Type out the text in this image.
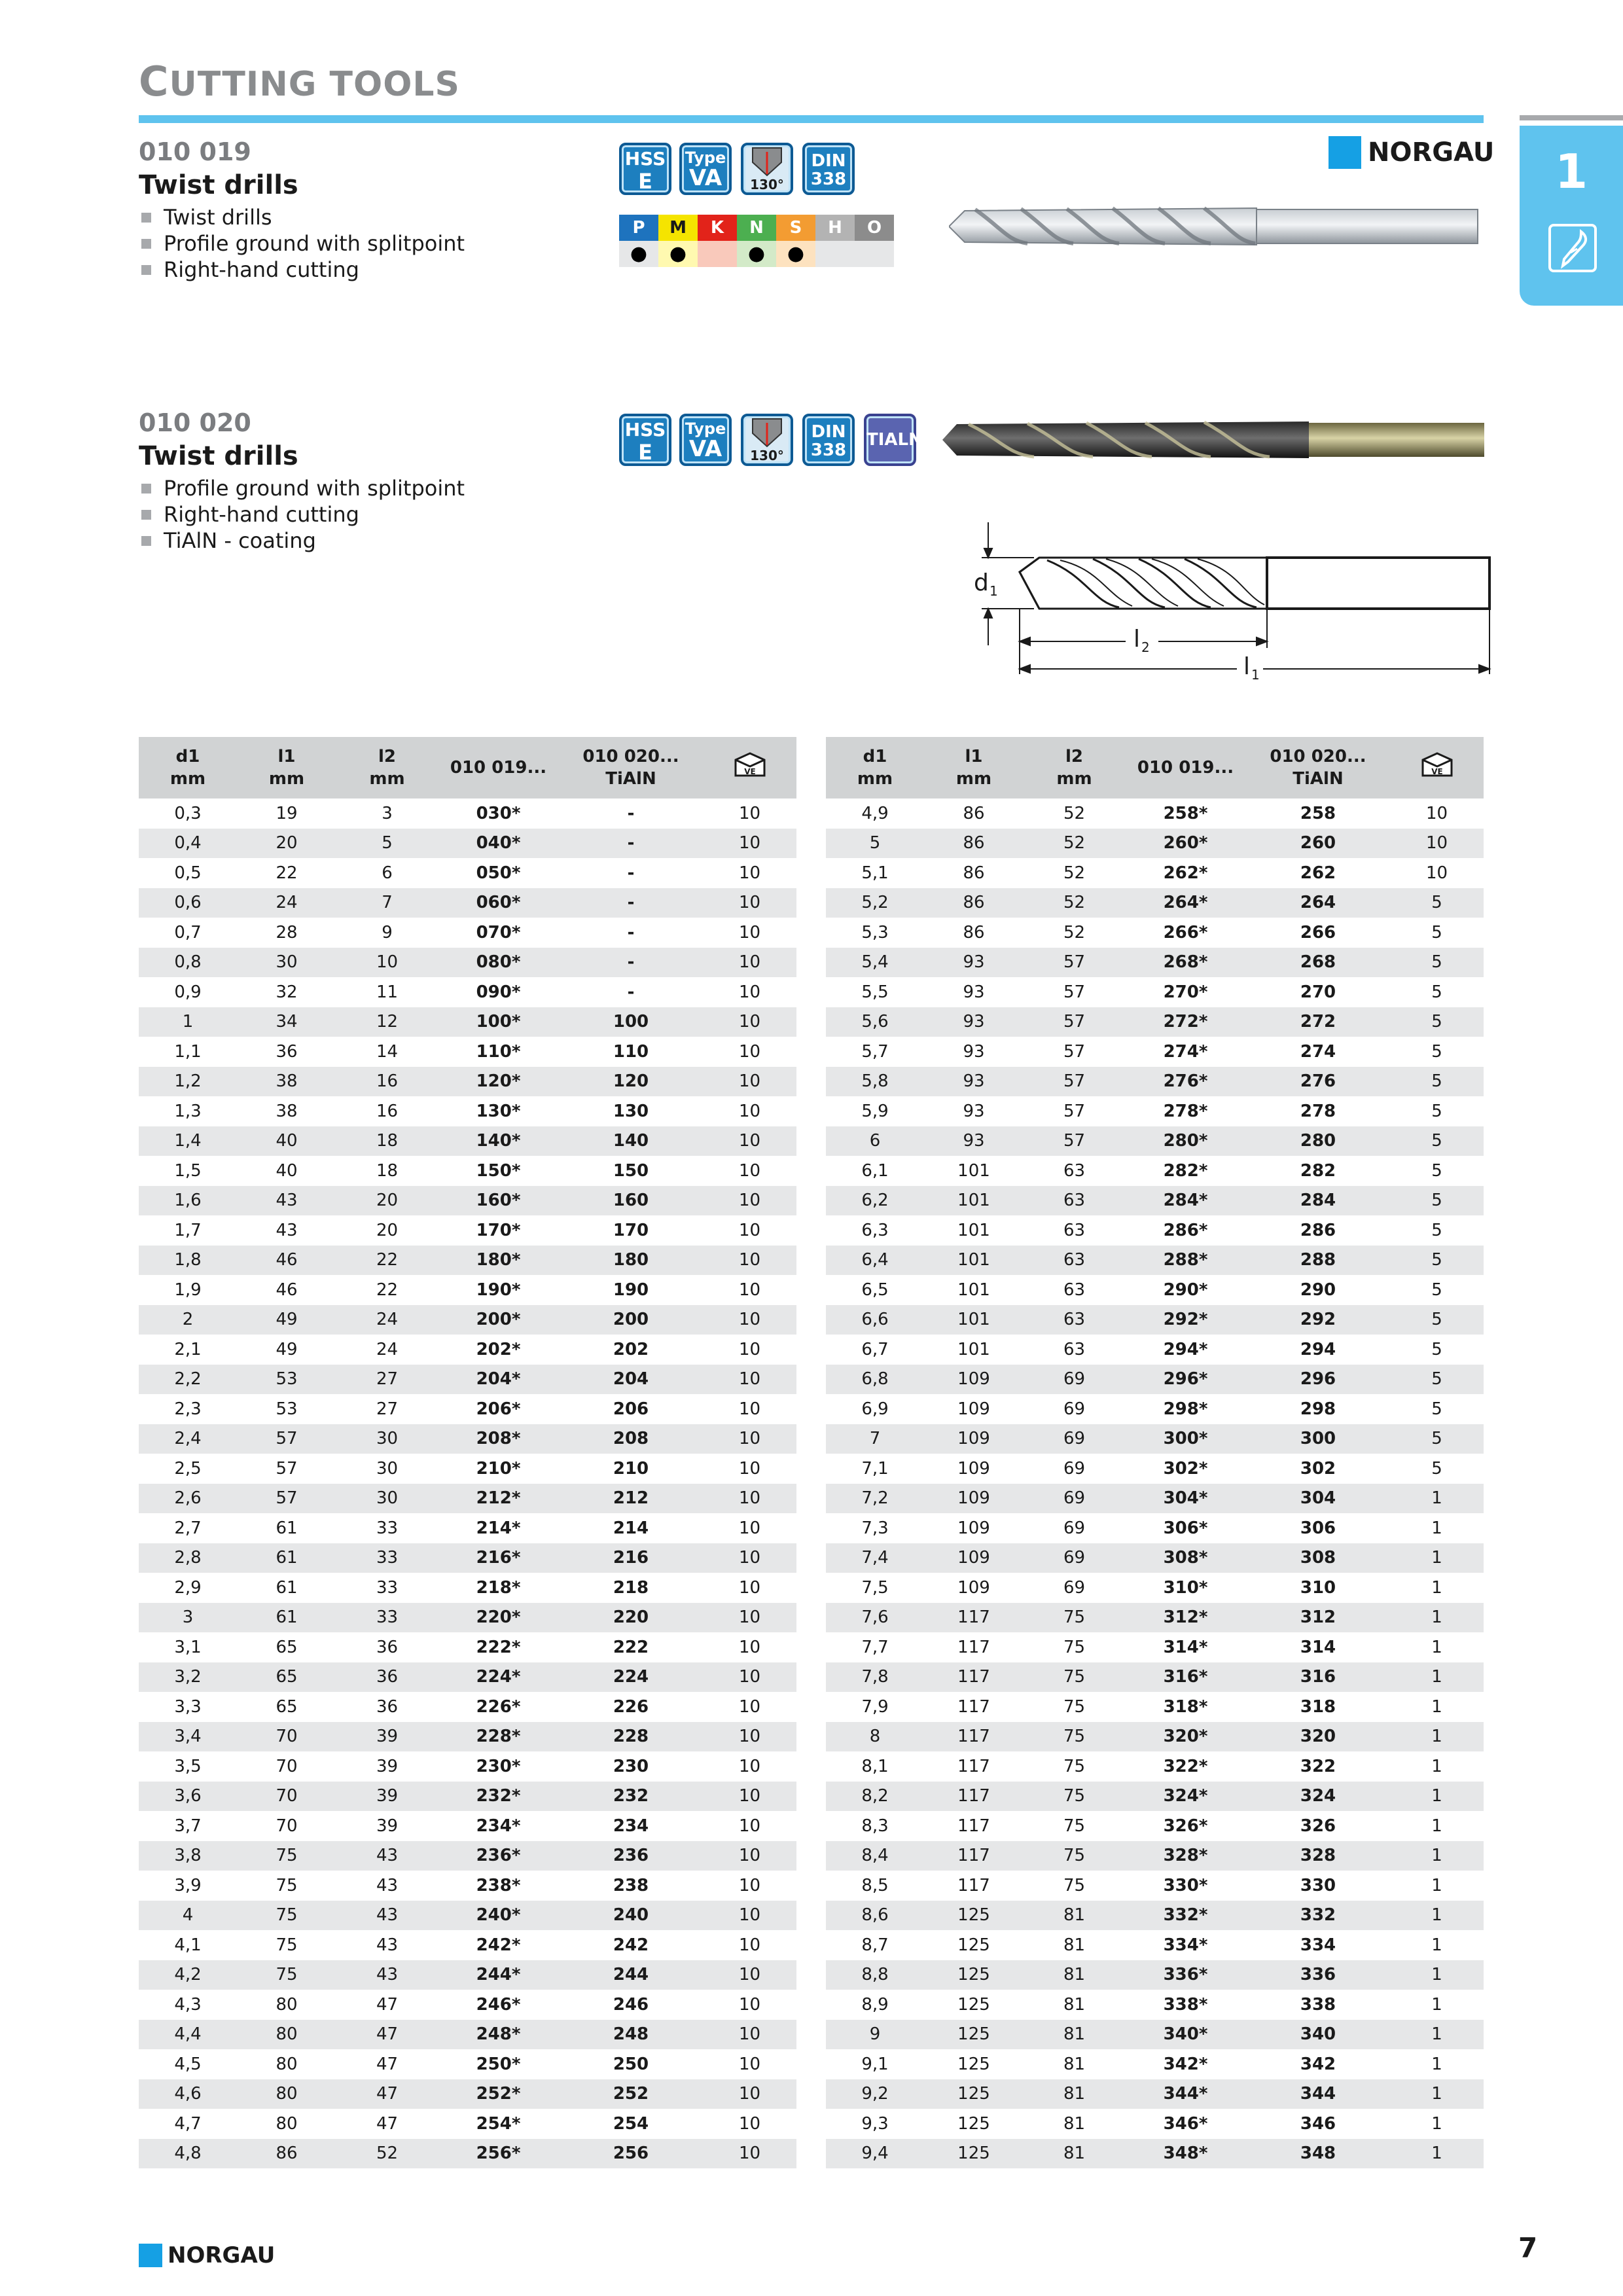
CUTTING TOOLS
1
NORGAU
010 019
Twist drills
Twist drills
Profile ground with splitpoint
Right-hand cutting
HSS
E
Type
VA	130°
DIN
338
P	M	K	N	S	H	O
●	●	●	●
010 020
Twist drills
Profile ground with splitpoint
Right-hand cutting
TiAlN - coating
HSS
E
Type
VA	130°
DIN
338
TIALN
d 1
l 2
l 1
d1
mm	l1
mm	l2
mm	010 019...	010 020...
TiAlN	VE

0,3	19	3	030*	-	10
0,4	20	5	040*	-	10
0,5	22	6	050*	-	10
0,6	24	7	060*	-	10
0,7	28	9	070*	-	10
0,8	30	10	080*	-	10
0,9	32	11	090*	-	10
1	34	12	100*	100	10
1,1	36	14	110*	110	10
1,2	38	16	120*	120	10
1,3	38	16	130*	130	10
1,4	40	18	140*	140	10
1,5	40	18	150*	150	10
1,6	43	20	160*	160	10
1,7	43	20	170*	170	10
1,8	46	22	180*	180	10
1,9	46	22	190*	190	10
2	49	24	200*	200	10
2,1	49	24	202*	202	10
2,2	53	27	204*	204	10
2,3	53	27	206*	206	10
2,4	57	30	208*	208	10
2,5	57	30	210*	210	10
2,6	57	30	212*	212	10
2,7	61	33	214*	214	10
2,8	61	33	216*	216	10
2,9	61	33	218*	218	10
3	61	33	220*	220	10
3,1	65	36	222*	222	10
3,2	65	36	224*	224	10
3,3	65	36	226*	226	10
3,4	70	39	228*	228	10
3,5	70	39	230*	230	10
3,6	70	39	232*	232	10
3,7	70	39	234*	234	10
3,8	75	43	236*	236	10
3,9	75	43	238*	238	10
4	75	43	240*	240	10
4,1	75	43	242*	242	10
4,2	75	43	244*	244	10
4,3	80	47	246*	246	10
4,4	80	47	248*	248	10
4,5	80	47	250*	250	10
4,6	80	47	252*	252	10
4,7	80	47	254*	254	10
4,8	86	52	256*	256	10
d1
mm	l1
mm	l2
mm	010 019...	010 020...
TiAlN	VE

4,9	86	52	258*	258	10
5	86	52	260*	260	10
5,1	86	52	262*	262	10
5,2	86	52	264*	264	5
5,3	86	52	266*	266	5
5,4	93	57	268*	268	5
5,5	93	57	270*	270	5
5,6	93	57	272*	272	5
5,7	93	57	274*	274	5
5,8	93	57	276*	276	5
5,9	93	57	278*	278	5
6	93	57	280*	280	5
6,1	101	63	282*	282	5
6,2	101	63	284*	284	5
6,3	101	63	286*	286	5
6,4	101	63	288*	288	5
6,5	101	63	290*	290	5
6,6	101	63	292*	292	5
6,7	101	63	294*	294	5
6,8	109	69	296*	296	5
6,9	109	69	298*	298	5
7	109	69	300*	300	5
7,1	109	69	302*	302	5
7,2	109	69	304*	304	1
7,3	109	69	306*	306	1
7,4	109	69	308*	308	1
7,5	109	69	310*	310	1
7,6	117	75	312*	312	1
7,7	117	75	314*	314	1
7,8	117	75	316*	316	1
7,9	117	75	318*	318	1
8	117	75	320*	320	1
8,1	117	75	322*	322	1
8,2	117	75	324*	324	1
8,3	117	75	326*	326	1
8,4	117	75	328*	328	1
8,5	117	75	330*	330	1
8,6	125	81	332*	332	1
8,7	125	81	334*	334	1
8,8	125	81	336*	336	1
8,9	125	81	338*	338	1
9	125	81	340*	340	1
9,1	125	81	342*	342	1
9,2	125	81	344*	344	1
9,3	125	81	346*	346	1
9,4	125	81	348*	348	1
NORGAU	7
